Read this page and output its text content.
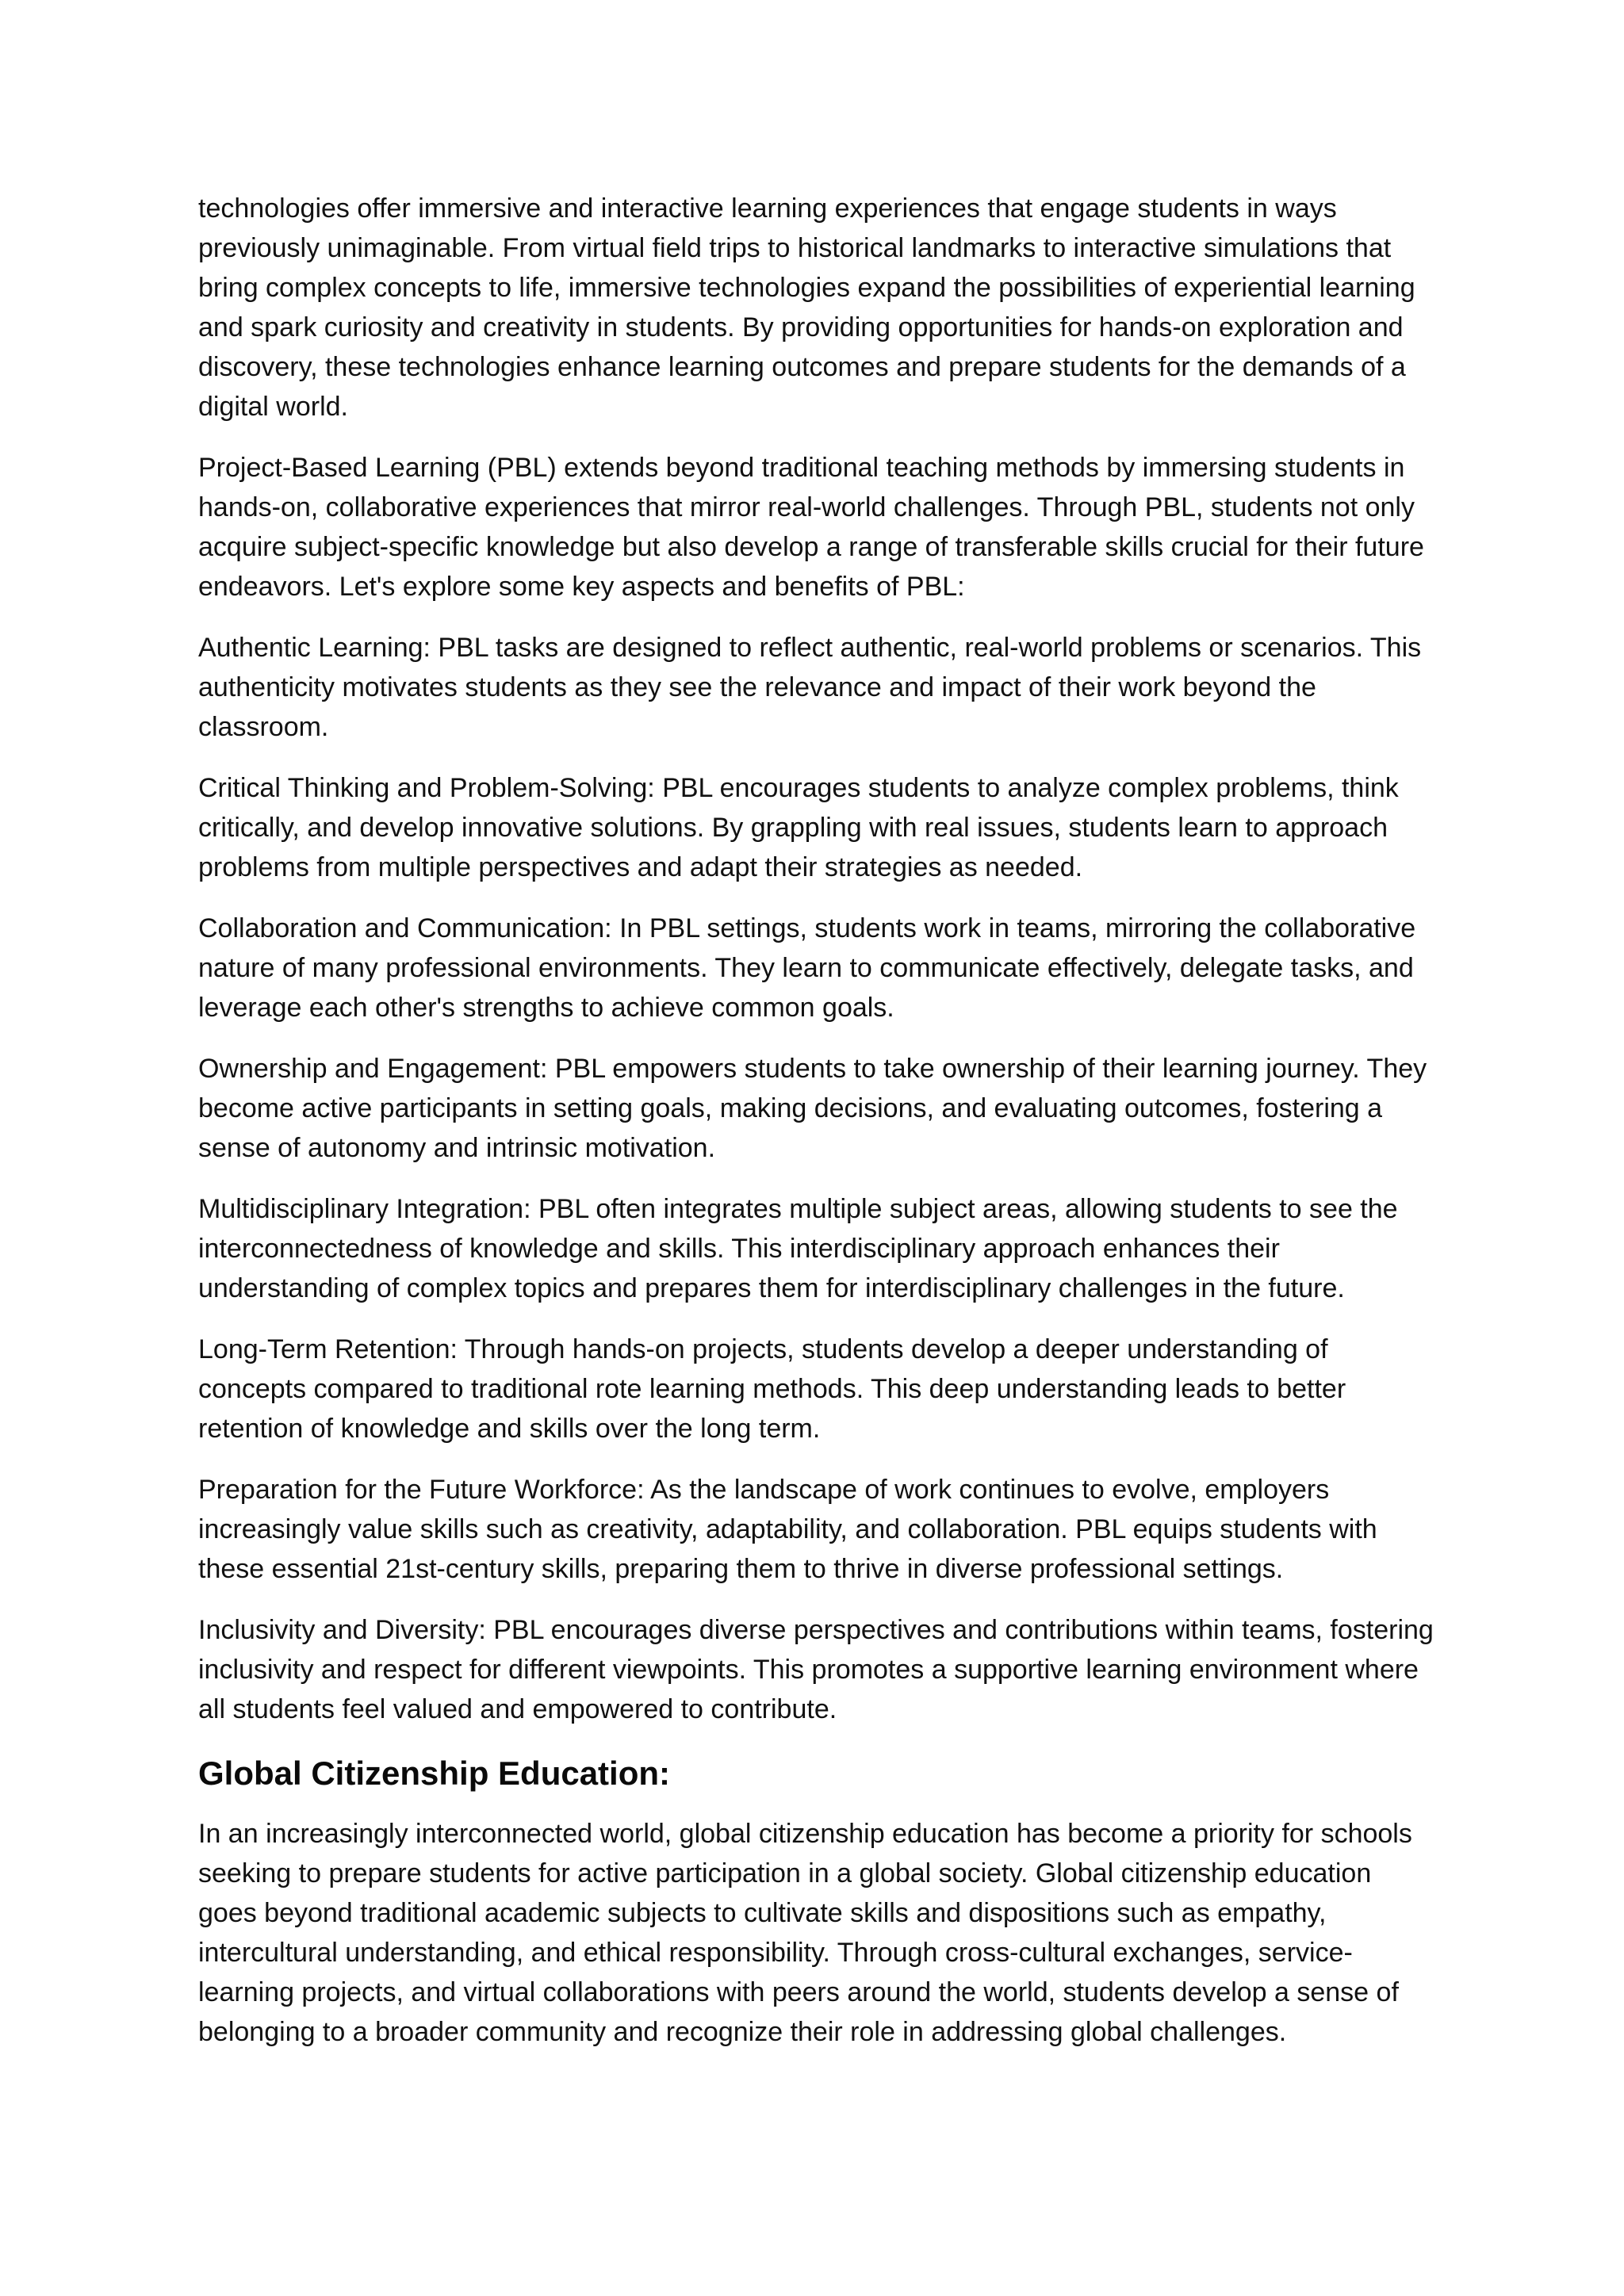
technologies offer immersive and interactive learning experiences that engage students in ways previously unimaginable. From virtual field trips to historical landmarks to interactive simulations that bring complex concepts to life, immersive technologies expand the possibilities of experiential learning and spark curiosity and creativity in students. By providing opportunities for hands-on exploration and discovery, these technologies enhance learning outcomes and prepare students for the demands of a digital world.

Project-Based Learning (PBL) extends beyond traditional teaching methods by immersing students in hands-on, collaborative experiences that mirror real-world challenges. Through PBL, students not only acquire subject-specific knowledge but also develop a range of transferable skills crucial for their future endeavors. Let's explore some key aspects and benefits of PBL:

Authentic Learning: PBL tasks are designed to reflect authentic, real-world problems or scenarios. This authenticity motivates students as they see the relevance and impact of their work beyond the classroom.

Critical Thinking and Problem-Solving: PBL encourages students to analyze complex problems, think critically, and develop innovative solutions. By grappling with real issues, students learn to approach problems from multiple perspectives and adapt their strategies as needed.

Collaboration and Communication: In PBL settings, students work in teams, mirroring the collaborative nature of many professional environments. They learn to communicate effectively, delegate tasks, and leverage each other's strengths to achieve common goals.

Ownership and Engagement: PBL empowers students to take ownership of their learning journey. They become active participants in setting goals, making decisions, and evaluating outcomes, fostering a sense of autonomy and intrinsic motivation.

Multidisciplinary Integration: PBL often integrates multiple subject areas, allowing students to see the interconnectedness of knowledge and skills. This interdisciplinary approach enhances their understanding of complex topics and prepares them for interdisciplinary challenges in the future.

Long-Term Retention: Through hands-on projects, students develop a deeper understanding of concepts compared to traditional rote learning methods. This deep understanding leads to better retention of knowledge and skills over the long term.

Preparation for the Future Workforce: As the landscape of work continues to evolve, employers increasingly value skills such as creativity, adaptability, and collaboration. PBL equips students with these essential 21st-century skills, preparing them to thrive in diverse professional settings.

Inclusivity and Diversity: PBL encourages diverse perspectives and contributions within teams, fostering inclusivity and respect for different viewpoints. This promotes a supportive learning environment where all students feel valued and empowered to contribute.

Global Citizenship Education:

In an increasingly interconnected world, global citizenship education has become a priority for schools seeking to prepare students for active participation in a global society. Global citizenship education goes beyond traditional academic subjects to cultivate skills and dispositions such as empathy, intercultural understanding, and ethical responsibility. Through cross-cultural exchanges, service-learning projects, and virtual collaborations with peers around the world, students develop a sense of belonging to a broader community and recognize their role in addressing global challenges.
